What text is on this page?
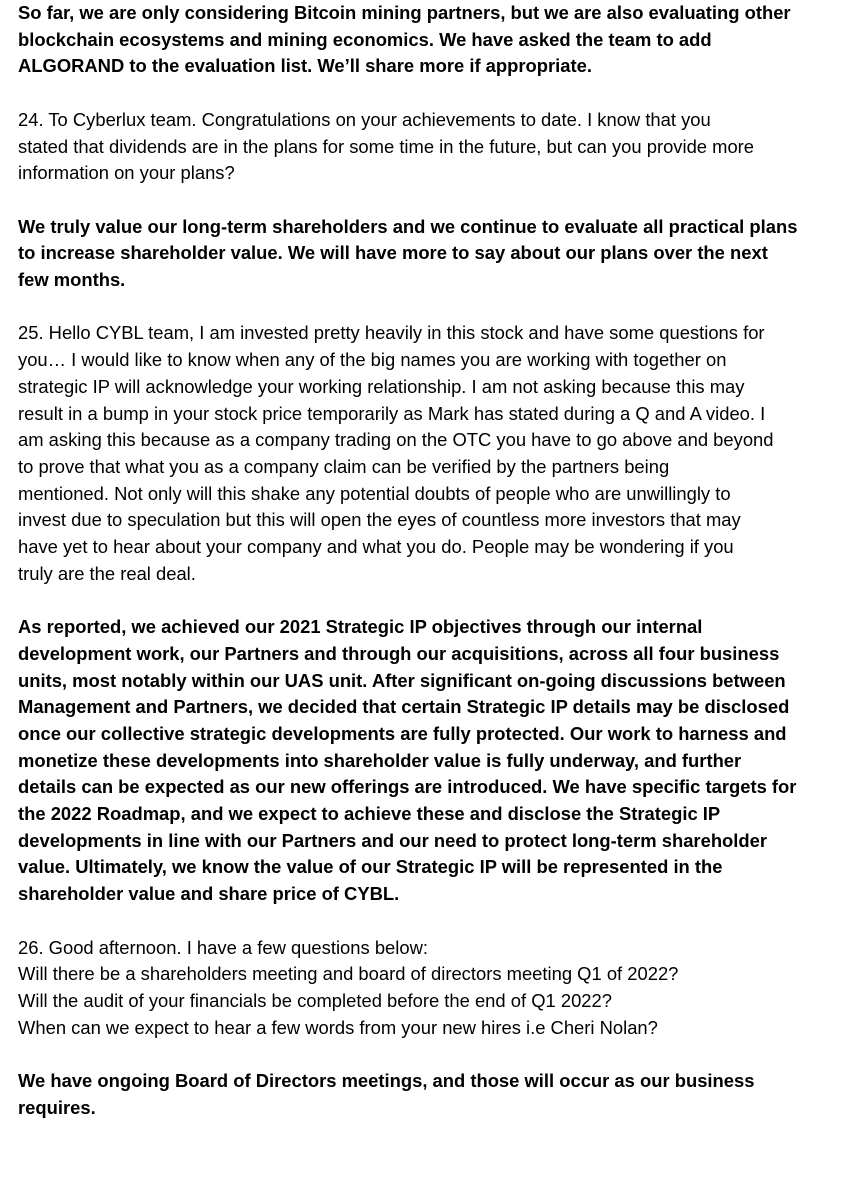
So far, we are only considering Bitcoin mining partners, but we are also evaluating other
blockchain ecosystems and mining economics. We have asked the team to add
ALGORAND to the evaluation list. We’ll share more if appropriate.
24. To Cyberlux team. Congratulations on your achievements to date. I know that you
stated that dividends are in the plans for some time in the future, but can you provide more
information on your plans?
We truly value our long-term shareholders and we continue to evaluate all practical plans
to increase shareholder value. We will have more to say about our plans over the next
few months.
25. Hello CYBL team, I am invested pretty heavily in this stock and have some questions for
you… I would like to know when any of the big names you are working with together on
strategic IP will acknowledge your working relationship. I am not asking because this may
result in a bump in your stock price temporarily as Mark has stated during a Q and A video. I
am asking this because as a company trading on the OTC you have to go above and beyond
to prove that what you as a company claim can be verified by the partners being
mentioned. Not only will this shake any potential doubts of people who are unwillingly to
invest due to speculation but this will open the eyes of countless more investors that may
have yet to hear about your company and what you do. People may be wondering if you
truly are the real deal.
As reported, we achieved our 2021 Strategic IP objectives through our internal
development work, our Partners and through our acquisitions, across all four business
units, most notably within our UAS unit. After significant on-going discussions between
Management and Partners, we decided that certain Strategic IP details may be disclosed
once our collective strategic developments are fully protected. Our work to harness and
monetize these developments into shareholder value is fully underway, and further
details can be expected as our new offerings are introduced. We have specific targets for
the 2022 Roadmap, and we expect to achieve these and disclose the Strategic IP
developments in line with our Partners and our need to protect long-term shareholder
value. Ultimately, we know the value of our Strategic IP will be represented in the
shareholder value and share price of CYBL.
26. Good afternoon. I have a few questions below:
Will there be a shareholders meeting and board of directors meeting Q1 of 2022?
Will the audit of your financials be completed before the end of Q1 2022?
When can we expect to hear a few words from your new hires i.e Cheri Nolan?
We have ongoing Board of Directors meetings, and those will occur as our business
requires.
